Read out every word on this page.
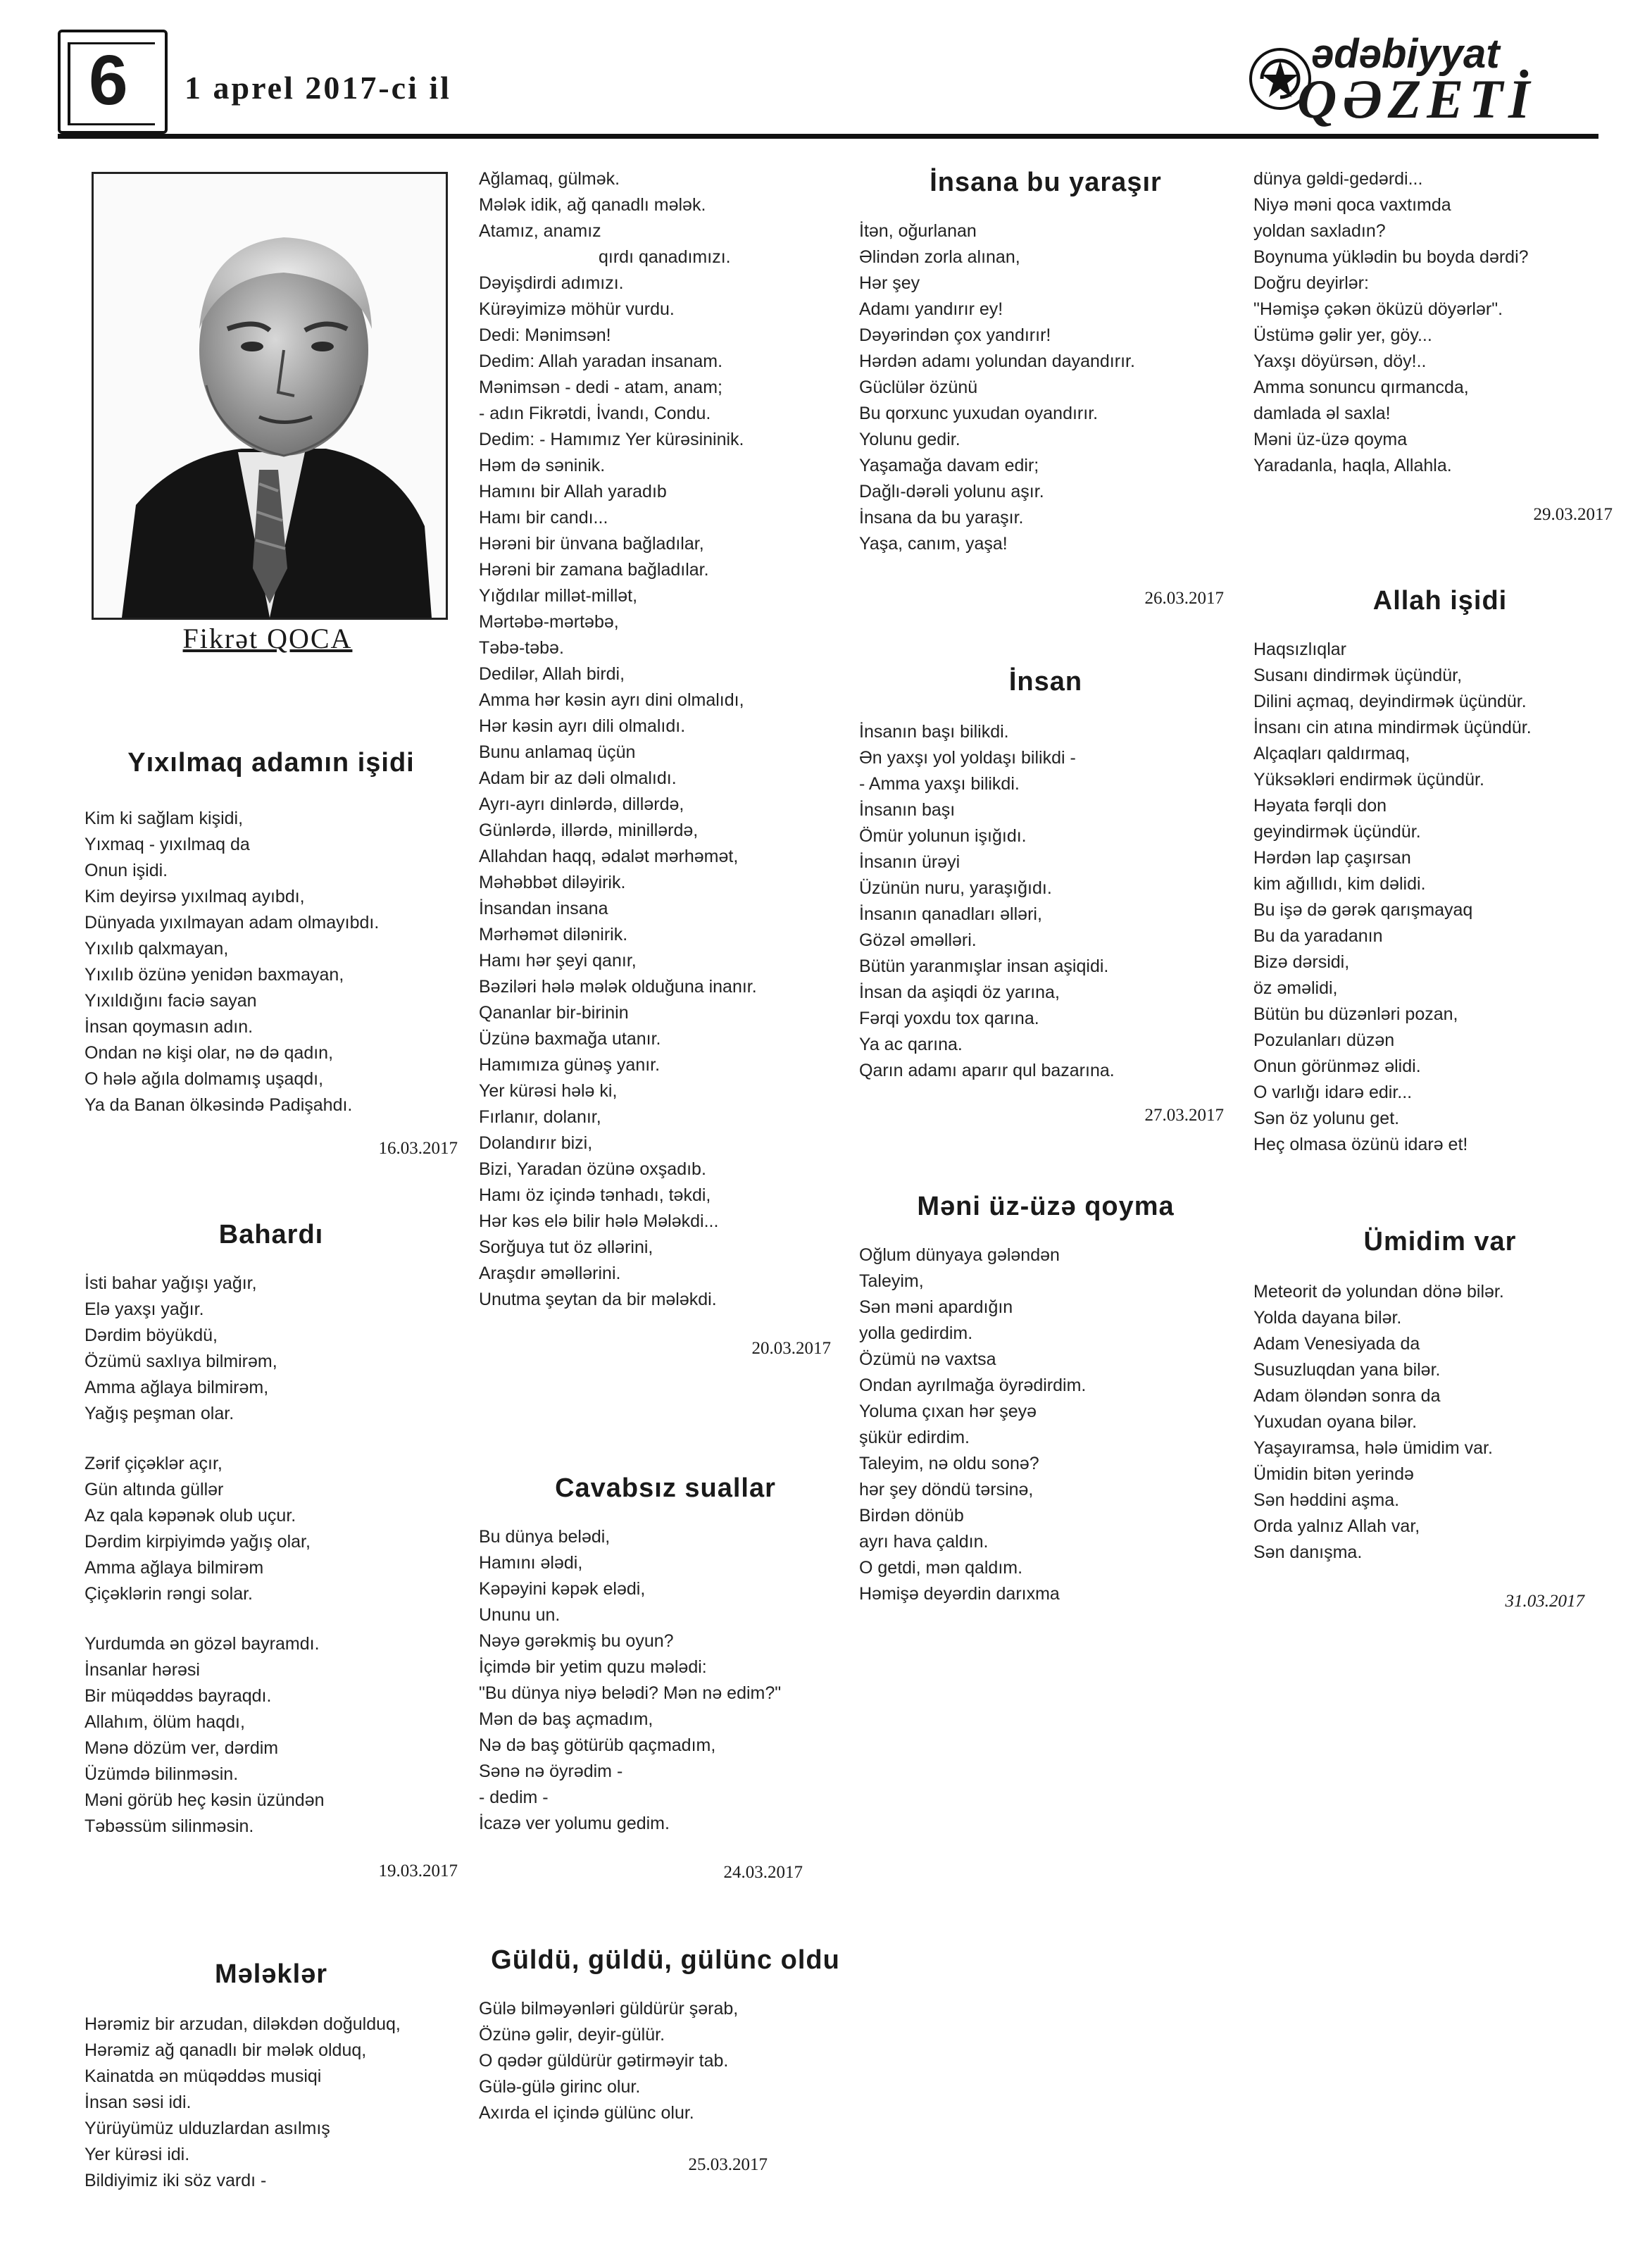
6 1 aprel 2017-ci il
ədəbiyyat
QƏZETİ
Fikrət QOCA
Yıxılmaq adamın işidi
Kim ki sağlam kişidi,
Yıxmaq - yıxılmaq da
Onun işidi.
Kim deyirsə yıxılmaq ayıbdı,
Dünyada yıxılmayan adam olmayıbdı.
Yıxılıb qalxmayan,
Yıxılıb özünə yenidən baxmayan,
Yıxıldığını faciə sayan
İnsan qoymasın adın.
Ondan nə kişi olar, nə də qadın,
O hələ ağıla dolmamış uşaqdı,
Ya da Banan ölkəsində Padişahdı.
16.03.2017
Bahardı
İsti bahar yağışı yağır,
Elə yaxşı yağır.
Dərdim böyükdü,
Özümü saxlıya bilmirəm,
Amma ağlaya bilmirəm,
Yağış peşman olar.
Zərif çiçəklər açır,
Gün altında güllər
Az qala kəpənək olub uçur.
Dərdim kirpiyimdə yağış olar,
Amma ağlaya bilmirəm
Çiçəklərin rəngi solar.
Yurdumda ən gözəl bayramdı.
İnsanlar hərəsi
Bir müqəddəs bayraqdı.
Allahım, ölüm haqdı,
Mənə dözüm ver, dərdim
Üzümdə bilinməsin.
Məni görüb heç kəsin üzündən
Təbəssüm silinməsin.
19.03.2017
Mələklər
Hərəmiz bir arzudan, diləkdən doğulduq,
Hərəmiz ağ qanadlı bir mələk olduq,
Kainatda ən müqəddəs musiqi
İnsan səsi idi.
Yürüyümüz ulduzlardan asılmış
Yer kürəsi idi.
Bildiyimiz iki söz vardı -
Ağlamaq, gülmək.
Mələk idik, ağ qanadlı mələk.
Atamız, anamız
qırdı qanadımızı.
Dəyişdirdi adımızı.
Kürəyimizə möhür vurdu.
Dedi: Mənimsən!
Dedim: Allah yaradan insanam.
Mənimsən - dedi - atam, anam;
- adın Fikrətdi, İvandı, Condu.
Dedim: - Hamımız Yer kürəsininik.
Həm də səninik.
Hamını bir Allah yaradıb
Hamı bir candı...
Hərəni bir ünvana bağladılar,
Hərəni bir zamana bağladılar.
Yığdılar millət-millət,
Mərtəbə-mərtəbə,
Təbə-təbə.
Dedilər, Allah birdi,
Amma hər kəsin ayrı dini olmalıdı,
Hər kəsin ayrı dili olmalıdı.
Bunu anlamaq üçün
Adam bir az dəli olmalıdı.
Ayrı-ayrı dinlərdə, dillərdə,
Günlərdə, illərdə, minillərdə,
Allahdan haqq, ədalət mərhəmət,
Məhəbbət diləyirik.
İnsandan insana
Mərhəmət dilənirik.
Hamı hər şeyi qanır,
Bəziləri hələ mələk olduğuna inanır.
Qananlar bir-birinin
Üzünə baxmağa utanır.
Hamımıza günəş yanır.
Yer kürəsi hələ ki,
Fırlanır, dolanır,
Dolandırır bizi,
Bizi, Yaradan özünə oxşadıb.
Hamı öz içində tənhadı, təkdi,
Hər kəs elə bilir hələ Mələkdi...
Sorğuya tut öz əllərini,
Araşdır əməllərini.
Unutma şeytan da bir mələkdi.
20.03.2017
Cavabsız suallar
Bu dünya belədi,
Hamını ələdi,
Kəpəyini kəpək elədi,
Ununu un.
Nəyə gərəkmiş bu oyun?
İçimdə bir yetim quzu mələdi:
"Bu dünya niyə belədi? Mən nə edim?"
Mən də baş açmadım,
Nə də baş götürüb qaçmadım,
Sənə nə öyrədim -
- dedim -
İcazə ver yolumu gedim.
24.03.2017
Güldü, güldü, gülünc oldu
Gülə bilməyənləri güldürür şərab,
Özünə gəlir, deyir-gülür.
O qədər güldürür gətirməyir tab.
Gülə-gülə girinc olur.
Axırda el içində gülünc olur.
25.03.2017
İnsana bu yaraşır
İtən, oğurlanan
Əlindən zorla alınan,
Hər şey
Adamı yandırır ey!
Dəyərindən çox yandırır!
Hərdən adamı yolundan dayandırır.
Güclülər özünü
Bu qorxunc yuxudan oyandırır.
Yolunu gedir.
Yaşamağa davam edir;
Dağlı-dərəli yolunu aşır.
İnsana da bu yaraşır.
Yaşa, canım, yaşa!
26.03.2017
İnsan
İnsanın başı bilikdi.
Ən yaxşı yol yoldaşı bilikdi -
- Amma yaxşı bilikdi.
İnsanın başı
Ömür yolunun işığıdı.
İnsanın ürəyi
Üzünün nuru, yaraşığıdı.
İnsanın qanadları əlləri,
Gözəl əməlləri.
Bütün yaranmışlar insan aşiqidi.
İnsan da aşiqdi öz yarına,
Fərqi yoxdu tox qarına.
Ya ac qarına.
Qarın adamı aparır qul bazarına.
27.03.2017
Məni üz-üzə qoyma
Oğlum dünyaya gələndən
Taleyim,
Sən məni apardığın
yolla gedirdim.
Özümü nə vaxtsa
Ondan ayrılmağa öyrədirdim.
Yoluma çıxan hər şeyə
şükür edirdim.
Taleyim, nə oldu sonə?
hər şey döndü tərsinə,
Birdən dönüb
ayrı hava çaldın.
O getdi, mən qaldım.
Həmişə deyərdin darıxma
dünya gəldi-gedərdi...
Niyə məni qoca vaxtımda
yoldan saxladın?
Boynuma yüklədin bu boyda dərdi?
Doğru deyirlər:
"Həmişə çəkən öküzü döyərlər".
Üstümə gəlir yer, göy...
Yaxşı döyürsən, döy!..
Amma sonuncu qırmancda,
damlada əl saxla!
Məni üz-üzə qoyma
Yaradanla, haqla, Allahla.
29.03.2017
Allah işidi
Haqsızlıqlar
Susanı dindirmək üçündür,
Dilini açmaq, deyindirmək üçündür.
İnsanı cin atına mindirmək üçündür.
Alçaqları qaldırmaq,
Yüksəkləri endirmək üçündür.
Həyata fərqli don
geyindirmək üçündür.
Hərdən lap çaşırsan
kim ağıllıdı, kim dəlidi.
Bu işə də gərək qarışmayaq
Bu da yaradanın
Bizə dərsidi,
öz əməlidi,
Bütün bu düzənləri pozan,
Pozulanları düzən
Onun görünməz əlidi.
O varlığı idarə edir...
Sən öz yolunu get.
Heç olmasa özünü idarə et!
Ümidim var
Meteorit də yolundan dönə bilər.
Yolda dayana bilər.
Adam Venesiyada da
Susuzluqdan yana bilər.
Adam öləndən sonra da
Yuxudan oyana bilər.
Yaşayıramsa, hələ ümidim var.
Ümidin bitən yerində
Sən həddini aşma.
Orda yalnız Allah var,
Sən danışma.
31.03.2017
